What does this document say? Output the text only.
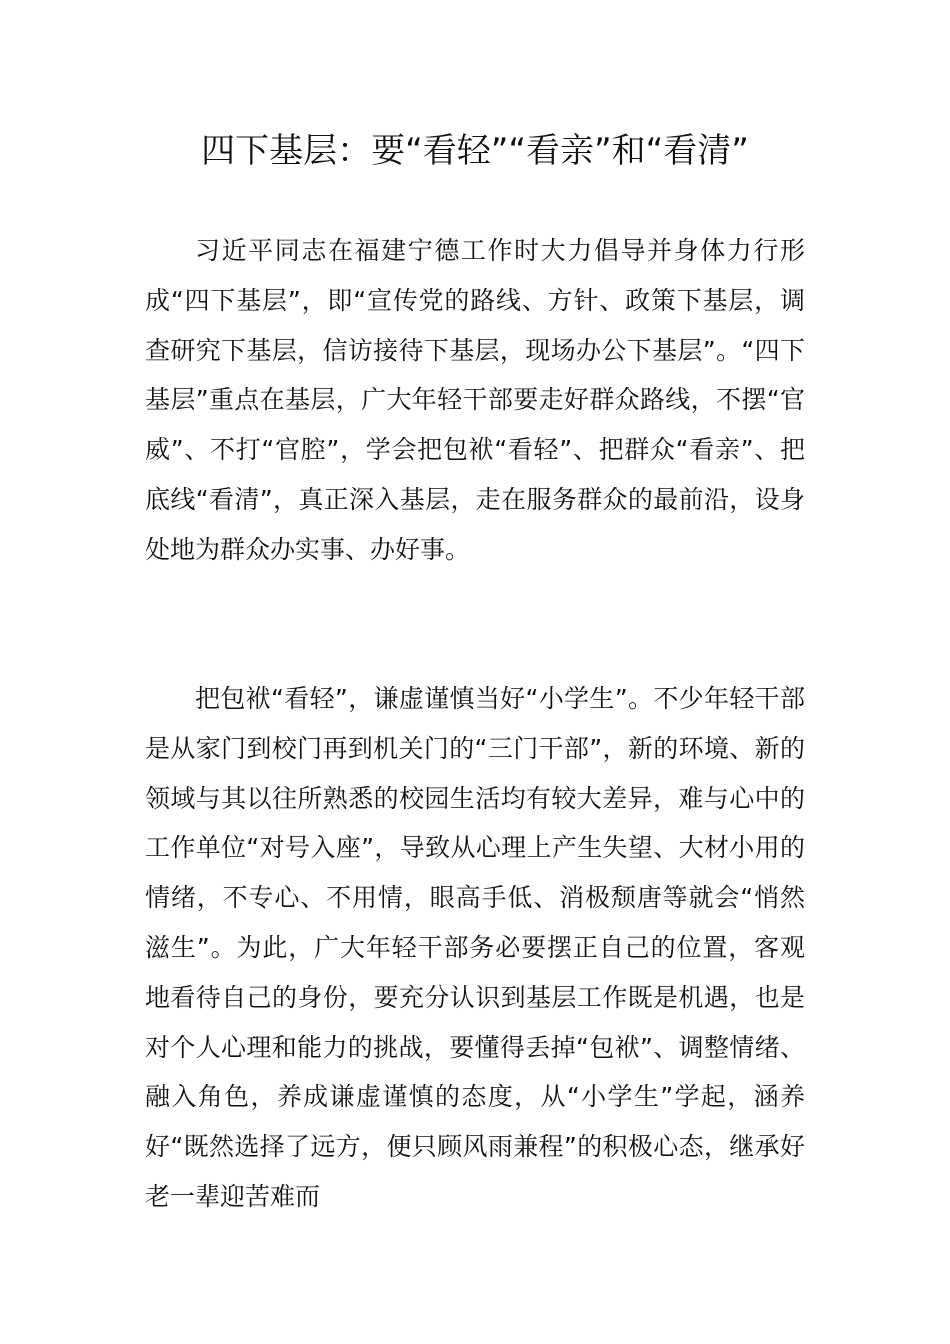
四下基层：要“看轻”“看亲”和“看清”

习近平同志在福建宁德工作时大力倡导并身体力行形成“四下基层”，即“宣传党的路线、方针、政策下基层，调查研究下基层，信访接待下基层，现场办公下基层”。“四下基层”重点在基层，广大年轻干部要走好群众路线，不摆“官威”、不打“官腔”，学会把包袱“看轻”、把群众“看亲”、把底线“看清”，真正深入基层，走在服务群众的最前沿，设身处地为群众办实事、办好事。

把包袱“看轻”，谦虚谨慎当好“小学生”。不少年轻干部是从家门到校门再到机关门的“三门干部”，新的环境、新的领域与其以往所熟悉的校园生活均有较大差异，难与心中的工作单位“对号入座”，导致从心理上产生失望、大材小用的情绪，不专心、不用情，眼高手低、消极颓唐等就会“悄然滋生”。为此，广大年轻干部务必要摆正自己的位置，客观地看待自己的身份，要充分认识到基层工作既是机遇，也是对个人心理和能力的挑战，要懂得丢掉“包袱”、调整情绪、融入角色，养成谦虚谨慎的态度，从“小学生”学起，涵养好“既然选择了远方，便只顾风雨兼程”的积极心态，继承好老一辈迎苦难而
